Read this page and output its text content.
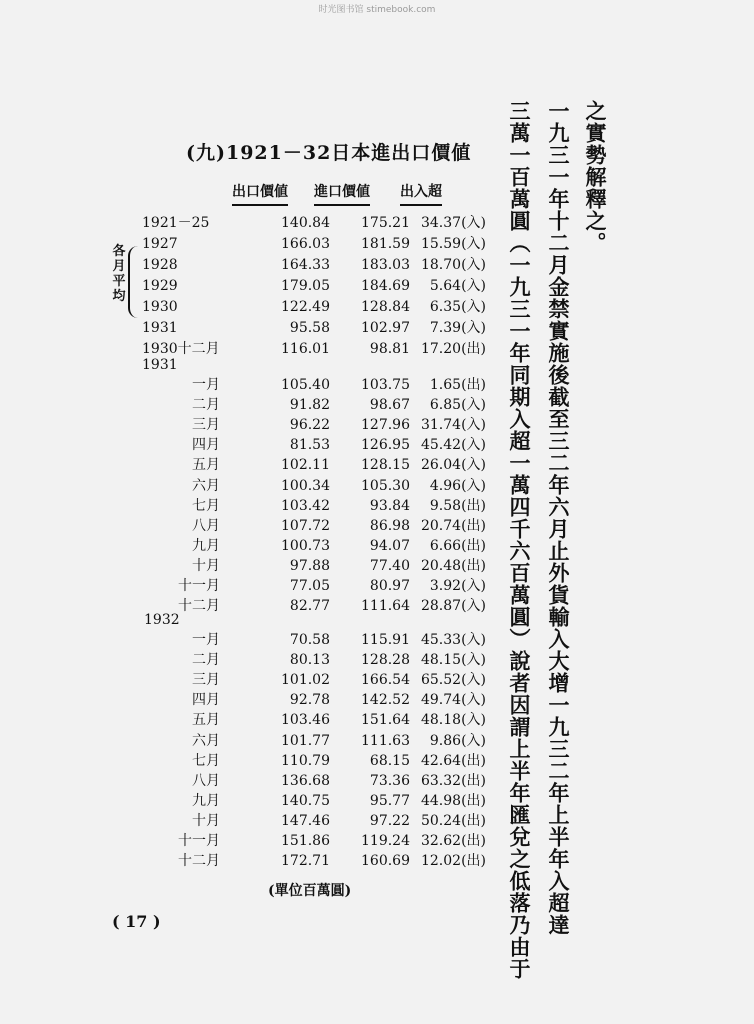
时光图书馆 stimebook.com
(九)1921－32日本進出口價値
出口價値 進口價値 出入超
各月平均
1921－25	140.84	175.21 34.37(入)
1927	166.03	181.59 15.59(入)
1928	164.33	183.03 18.70(入)
1929	179.05	184.69	5.64(入)
1930	122.49	128.84	6.35(入)
1931	95.58	102.97	7.39(入)
1930十二月	116.01	98.81 17.20(出)
1931
一月	105.40	103.75	1.65(出)
二月	91.82	98.67	6.85(入)
三月	96.22	127.96 31.74(入)
四月	81.53	126.95 45.42(入)
五月	102.11	128.15 26.04(入)
六月	100.34	105.30	4.96(入)
七月	103.42	93.84	9.58(出)
八月	107.72	86.98 20.74(出)
九月	100.73	94.07	6.66(出)
十月	97.88	77.40 20.48(出)
十一月	77.05	80.97	3.92(入)
十二月	82.77	111.64 28.87(入)
1932
一月	70.58	115.91 45.33(入)
二月	80.13	128.28 48.15(入)
三月	101.02	166.54 65.52(入)
四月	92.78	142.52 49.74(入)
五月	103.46	151.64 48.18(入)
六月	101.77	111.63	9.86(入)
七月	110.79	68.15 42.64(出)
八月	136.68	73.36 63.32(出)
九月	140.75	95.77 44.98(出)
十月	147.46	97.22 50.24(出)
十一月	151.86	119.24 32.62(出)
十二月	172.71	160.69 12.02(出)
(單位百萬圓)
( 17 )
之實勢解釋之。
一九三一年十二月金禁實施後截至三二年六月止外貨輸入大增一九三二年上半年入超達
三萬一百萬圓（一九三一年同期入超一萬四千六百萬圓）說者因謂上半年匯兌之低落乃由于
